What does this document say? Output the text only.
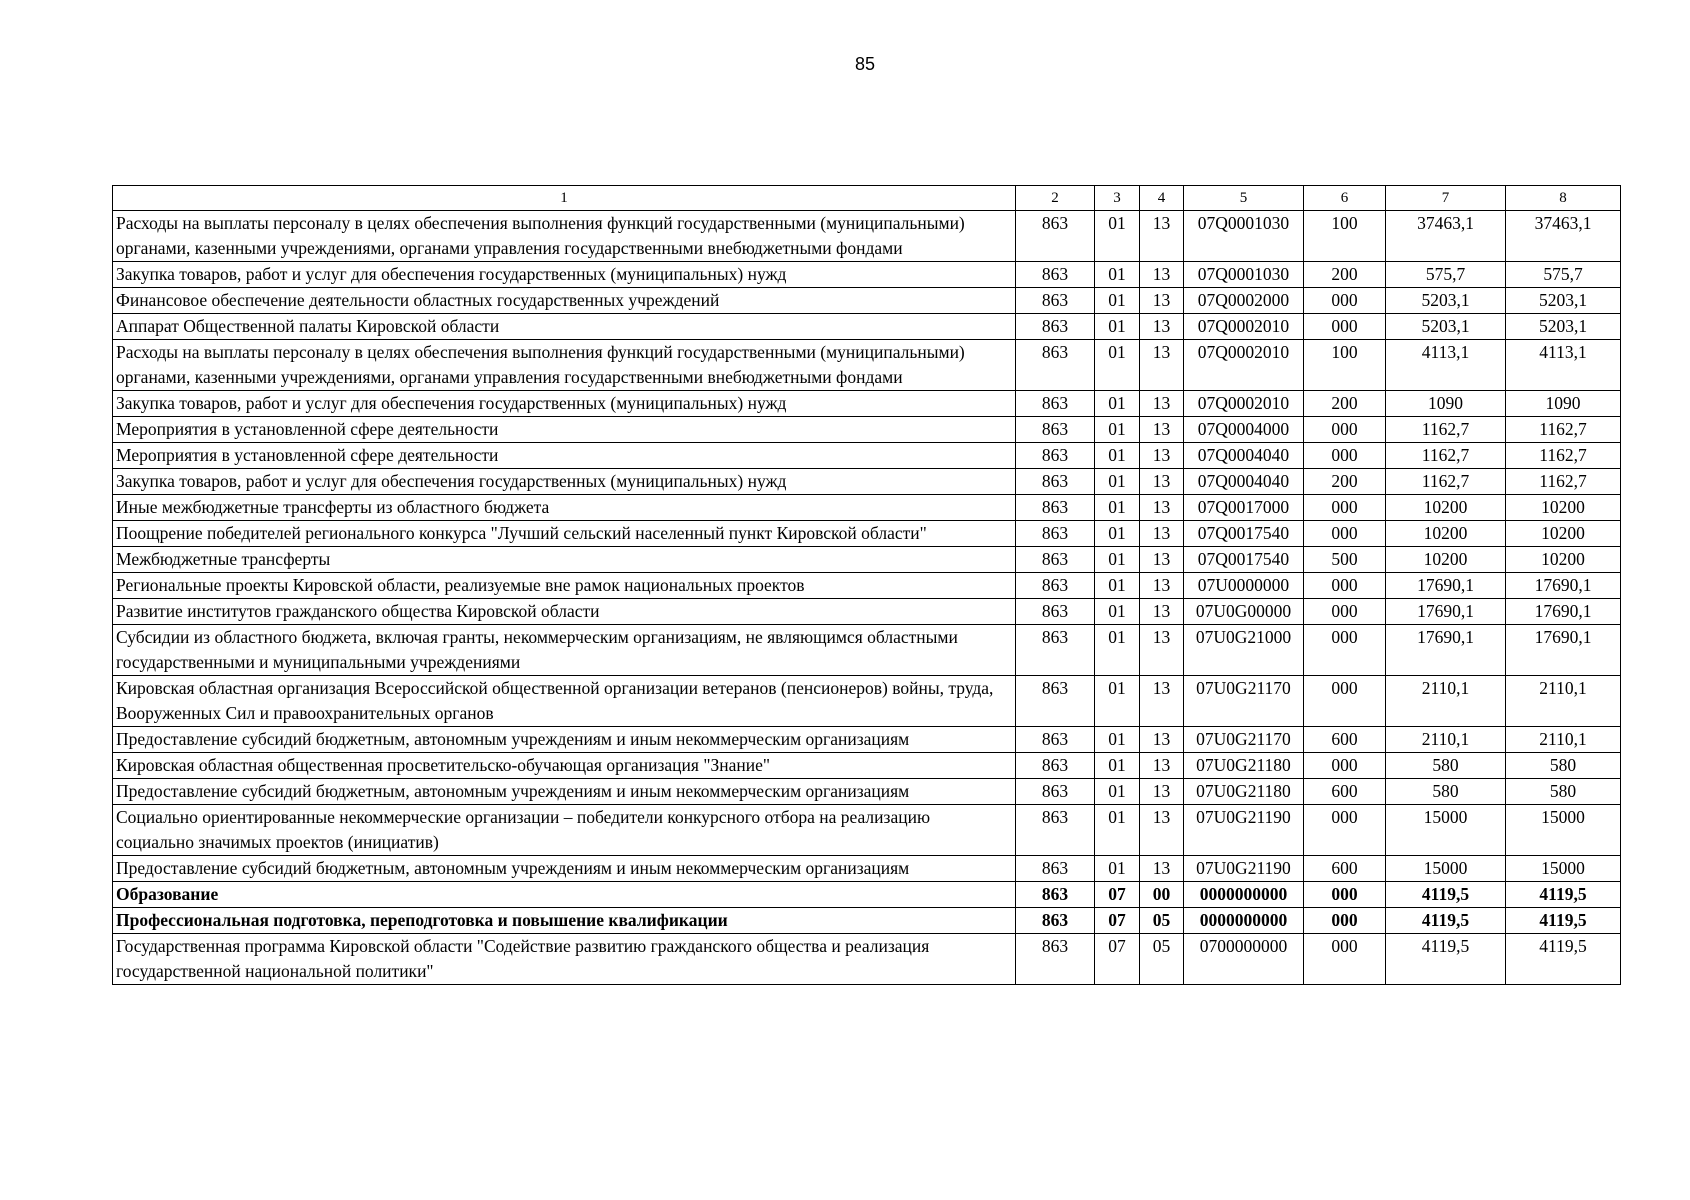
85
1	2	3	4	5	6	7	8
Расходы на выплаты персоналу в целях обеспечения выполнения функций государственными (муниципальными) органами, казенными учреждениями, органами управления государственными внебюджетными фондами	863	01	13	07Q0001030	100	37463,1	37463,1
Закупка товаров, работ и услуг для обеспечения государственных (муниципальных) нужд	863	01	13	07Q0001030	200	575,7	575,7
Финансовое обеспечение деятельности областных государственных учреждений	863	01	13	07Q0002000	000	5203,1	5203,1
Аппарат Общественной палаты Кировской области	863	01	13	07Q0002010	000	5203,1	5203,1
Расходы на выплаты персоналу в целях обеспечения выполнения функций государственными (муниципальными) органами, казенными учреждениями, органами управления государственными внебюджетными фондами	863	01	13	07Q0002010	100	4113,1	4113,1
Закупка товаров, работ и услуг для обеспечения государственных (муниципальных) нужд	863	01	13	07Q0002010	200	1090	1090
Мероприятия в установленной сфере деятельности	863	01	13	07Q0004000	000	1162,7	1162,7
Мероприятия в установленной сфере деятельности	863	01	13	07Q0004040	000	1162,7	1162,7
Закупка товаров, работ и услуг для обеспечения государственных (муниципальных) нужд	863	01	13	07Q0004040	200	1162,7	1162,7
Иные межбюджетные трансферты из областного бюджета	863	01	13	07Q0017000	000	10200	10200
Поощрение победителей регионального конкурса "Лучший сельский населенный пункт Кировской области"	863	01	13	07Q0017540	000	10200	10200
Межбюджетные трансферты	863	01	13	07Q0017540	500	10200	10200
Региональные проекты Кировской области, реализуемые вне рамок национальных проектов	863	01	13	07U0000000	000	17690,1	17690,1
Развитие институтов гражданского общества Кировской области	863	01	13	07U0G00000	000	17690,1	17690,1
Субсидии из областного бюджета, включая гранты, некоммерческим организациям, не являющимся областными государственными и муниципальными учреждениями	863	01	13	07U0G21000	000	17690,1	17690,1
Кировская областная организация Всероссийской общественной организации ветеранов (пенсионеров) войны, труда, Вооруженных Сил и правоохранительных органов	863	01	13	07U0G21170	000	2110,1	2110,1
Предоставление субсидий бюджетным, автономным учреждениям и иным некоммерческим организациям	863	01	13	07U0G21170	600	2110,1	2110,1
Кировская областная общественная просветительско-обучающая организация "Знание"	863	01	13	07U0G21180	000	580	580
Предоставление субсидий бюджетным, автономным учреждениям и иным некоммерческим организациям	863	01	13	07U0G21180	600	580	580
Социально ориентированные некоммерческие организации – победители конкурсного отбора на реализацию социально значимых проектов (инициатив)	863	01	13	07U0G21190	000	15000	15000
Предоставление субсидий бюджетным, автономным учреждениям и иным некоммерческим организациям	863	01	13	07U0G21190	600	15000	15000
Образование	863	07	00	0000000000	000	4119,5	4119,5
Профессиональная подготовка, переподготовка и повышение квалификации	863	07	05	0000000000	000	4119,5	4119,5
Государственная программа Кировской области "Содействие развитию гражданского общества и реализация государственной национальной политики"	863	07	05	0700000000	000	4119,5	4119,5
